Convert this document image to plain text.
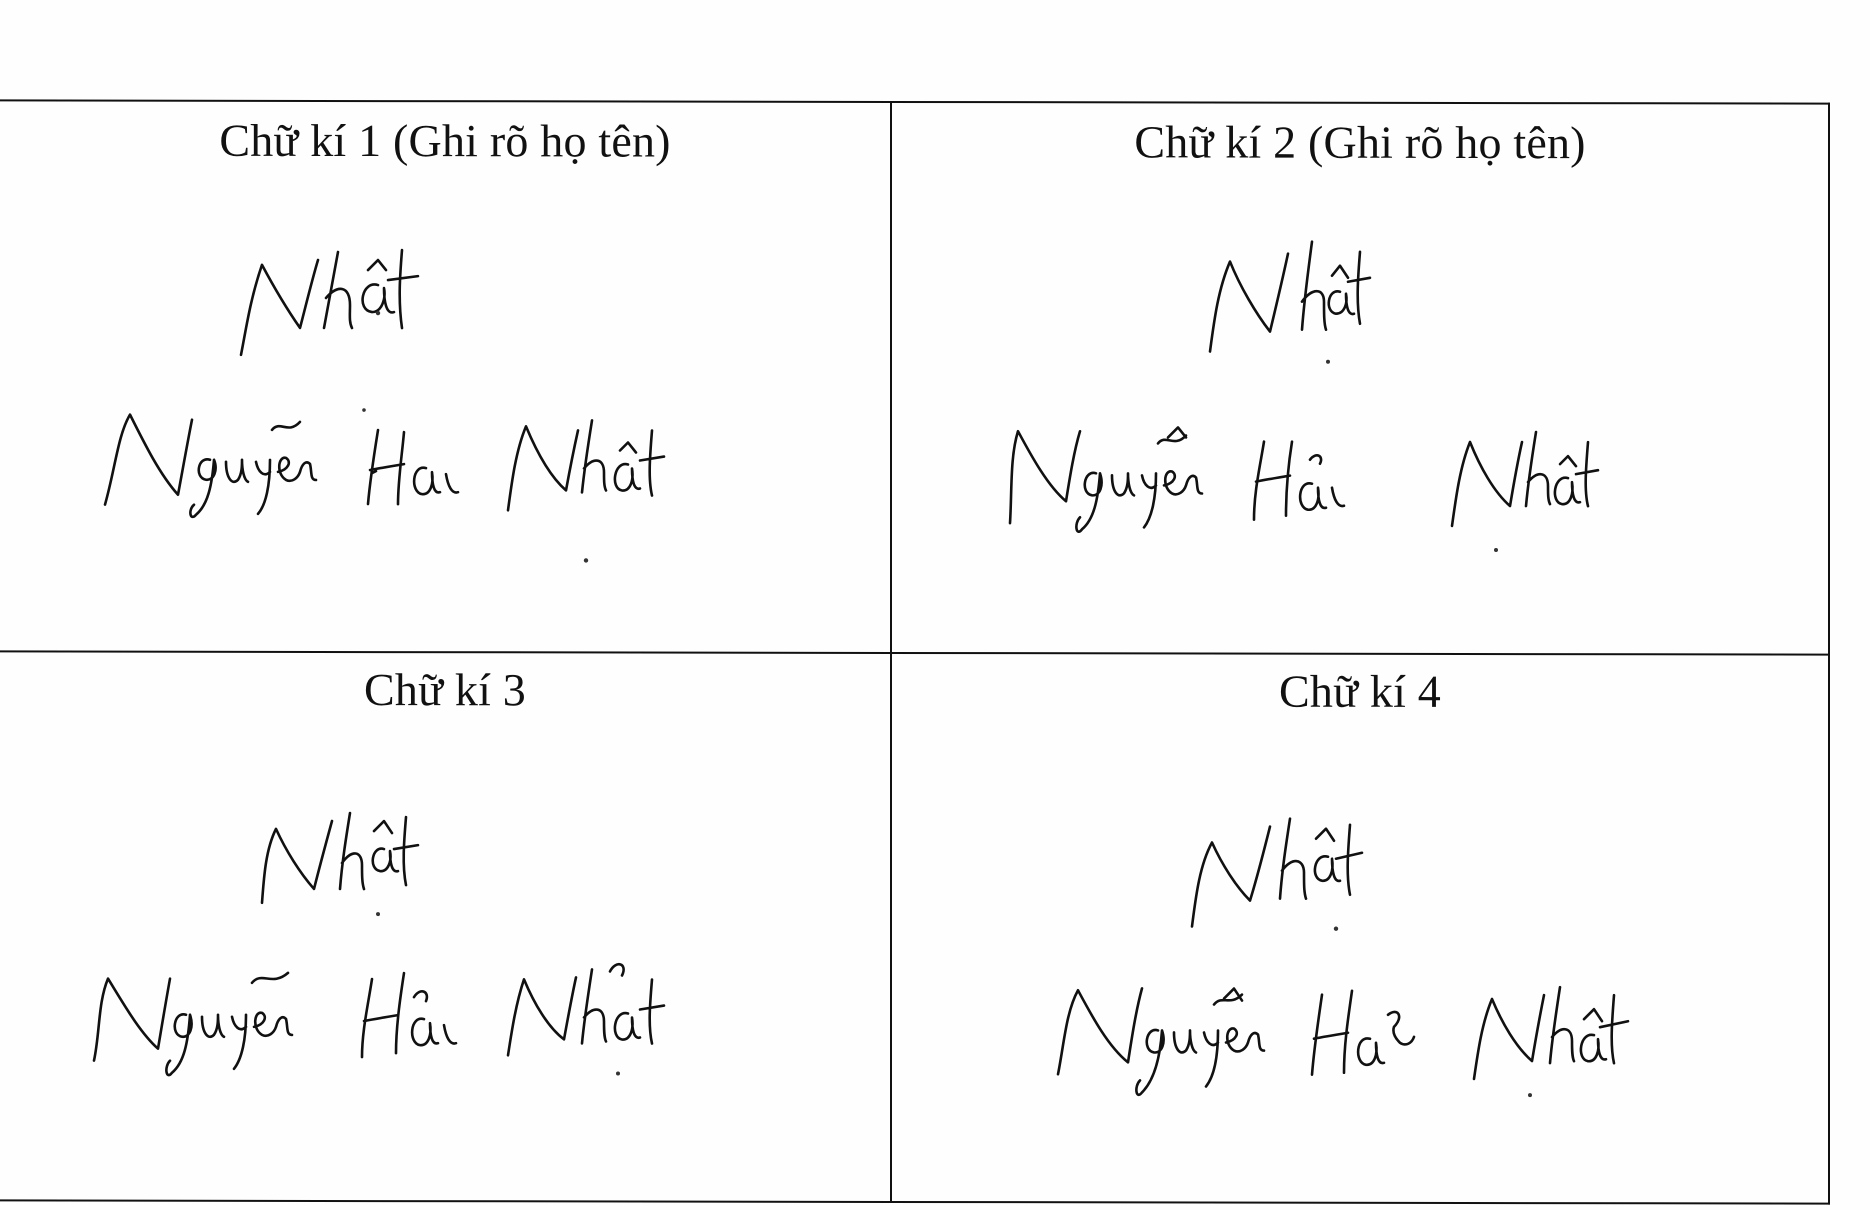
Chữ kí 1 (Ghi rõ họ tên)	Chữ kí 2 (Ghi rõ họ tên)
Chữ kí 3	Chữ kí 4
